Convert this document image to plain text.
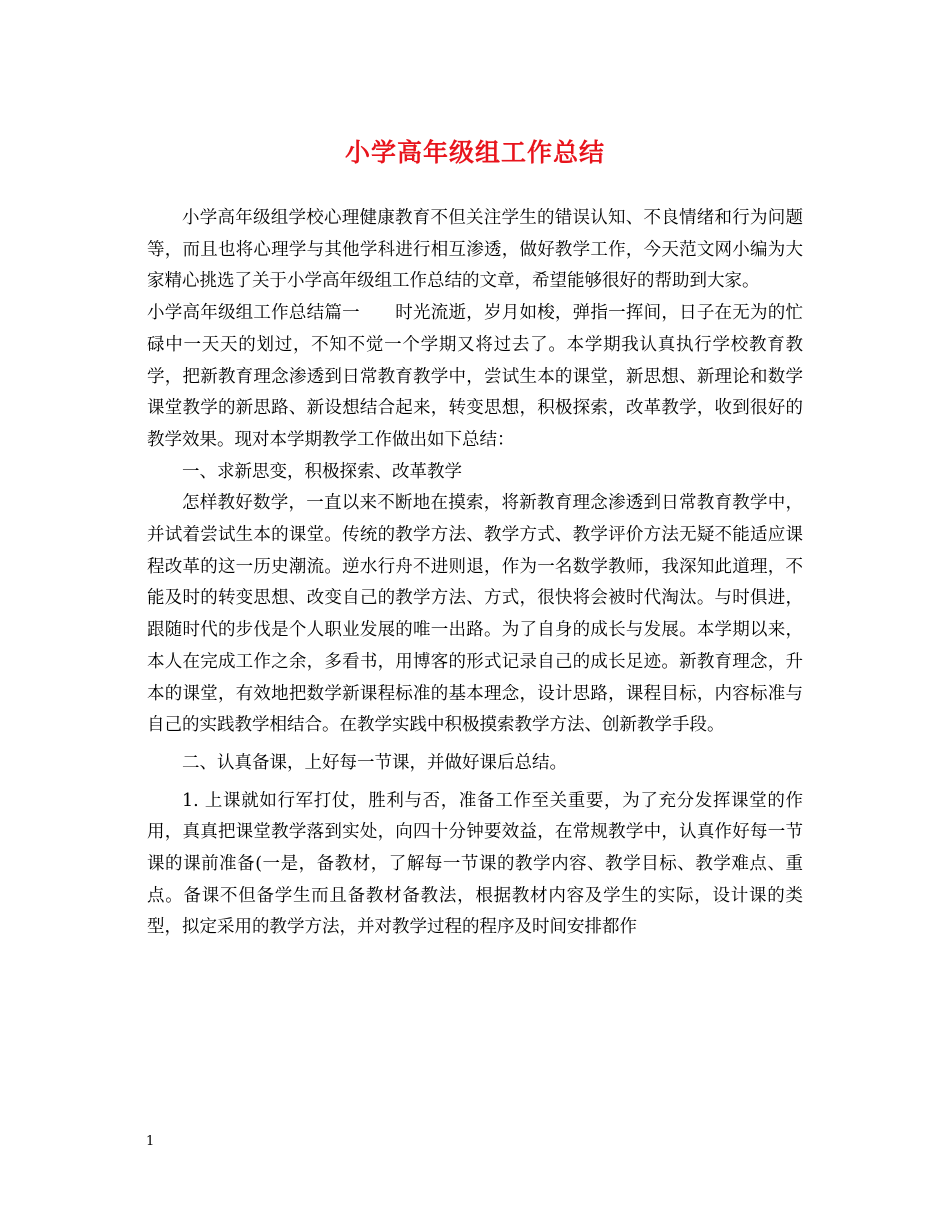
小学高年级组工作总结

小学高年级组学校心理健康教育不但关注学生的错误认知、不良情绪和行为问题等，而且也将心理学与其他学科进行相互渗透，做好教学工作，今天范文网小编为大家精心挑选了关于小学高年级组工作总结的文章，希望能够很好的帮助到大家。

小学高年级组工作总结篇一　　时光流逝，岁月如梭，弹指一挥间，日子在无为的忙碌中一天天的划过，不知不觉一个学期又将过去了。本学期我认真执行学校教育教学，把新教育理念渗透到日常教育教学中，尝试生本的课堂，新思想、新理论和数学课堂教学的新思路、新设想结合起来，转变思想，积极探索，改革教学，收到很好的教学效果。现对本学期教学工作做出如下总结：

一、求新思变，积极探索、改革教学

怎样教好数学，一直以来不断地在摸索，将新教育理念渗透到日常教育教学中，并试着尝试生本的课堂。传统的教学方法、教学方式、教学评价方法无疑不能适应课程改革的这一历史潮流。逆水行舟不进则退，作为一名数学教师，我深知此道理，不能及时的转变思想、改变自己的教学方法、方式，很快将会被时代淘汰。与时俱进，跟随时代的步伐是个人职业发展的唯一出路。为了自身的成长与发展。本学期以来，本人在完成工作之余，多看书，用博客的形式记录自己的成长足迹。新教育理念，升本的课堂，有效地把数学新课程标准的基本理念，设计思路，课程目标，内容标准与自己的实践教学相结合。在教学实践中积极摸索教学方法、创新教学手段。

二、认真备课，上好每一节课，并做好课后总结。

1. 上课就如行军打仗，胜利与否，准备工作至关重要，为了充分发挥课堂的作用，真真把课堂教学落到实处，向四十分钟要效益，在常规教学中，认真作好每一节课的课前准备(一是，备教材，了解每一节课的教学内容、教学目标、教学难点、重点。备课不但备学生而且备教材备教法，根据教材内容及学生的实际，设计课的类型，拟定采用的教学方法，并对教学过程的程序及时间安排都作

1
